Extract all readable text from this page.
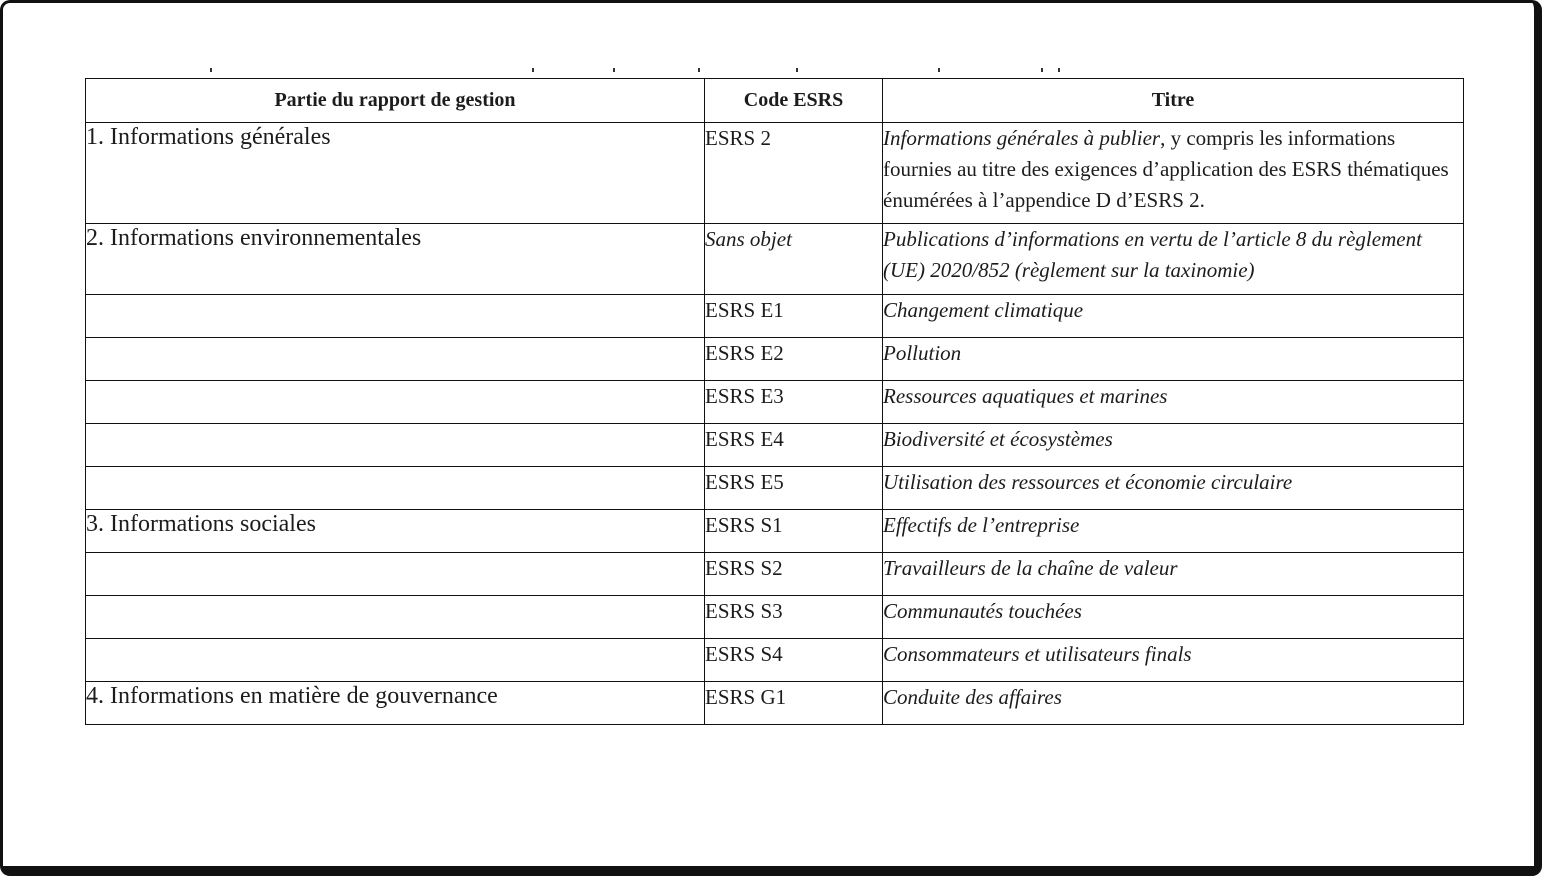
Partie du rapport de gestion	Code ESRS	Titre
1. Informations générales	ESRS 2	Informations générales à publier, y compris les informations fournies au titre des exigences d’application des ESRS thématiques énumérées à l’appendice D d’ESRS 2.
2. Informations environnementales	Sans objet	Publications d’informations en vertu de l’article 8 du règlement (UE) 2020/852 (règlement sur la taxinomie)
	ESRS E1	Changement climatique
	ESRS E2	Pollution
	ESRS E3	Ressources aquatiques et marines
	ESRS E4	Biodiversité et écosystèmes
	ESRS E5	Utilisation des ressources et économie circulaire
3. Informations sociales	ESRS S1	Effectifs de l’entreprise
	ESRS S2	Travailleurs de la chaîne de valeur
	ESRS S3	Communautés touchées
	ESRS S4	Consommateurs et utilisateurs finals
4. Informations en matière de gouvernance	ESRS G1	Conduite des affaires
